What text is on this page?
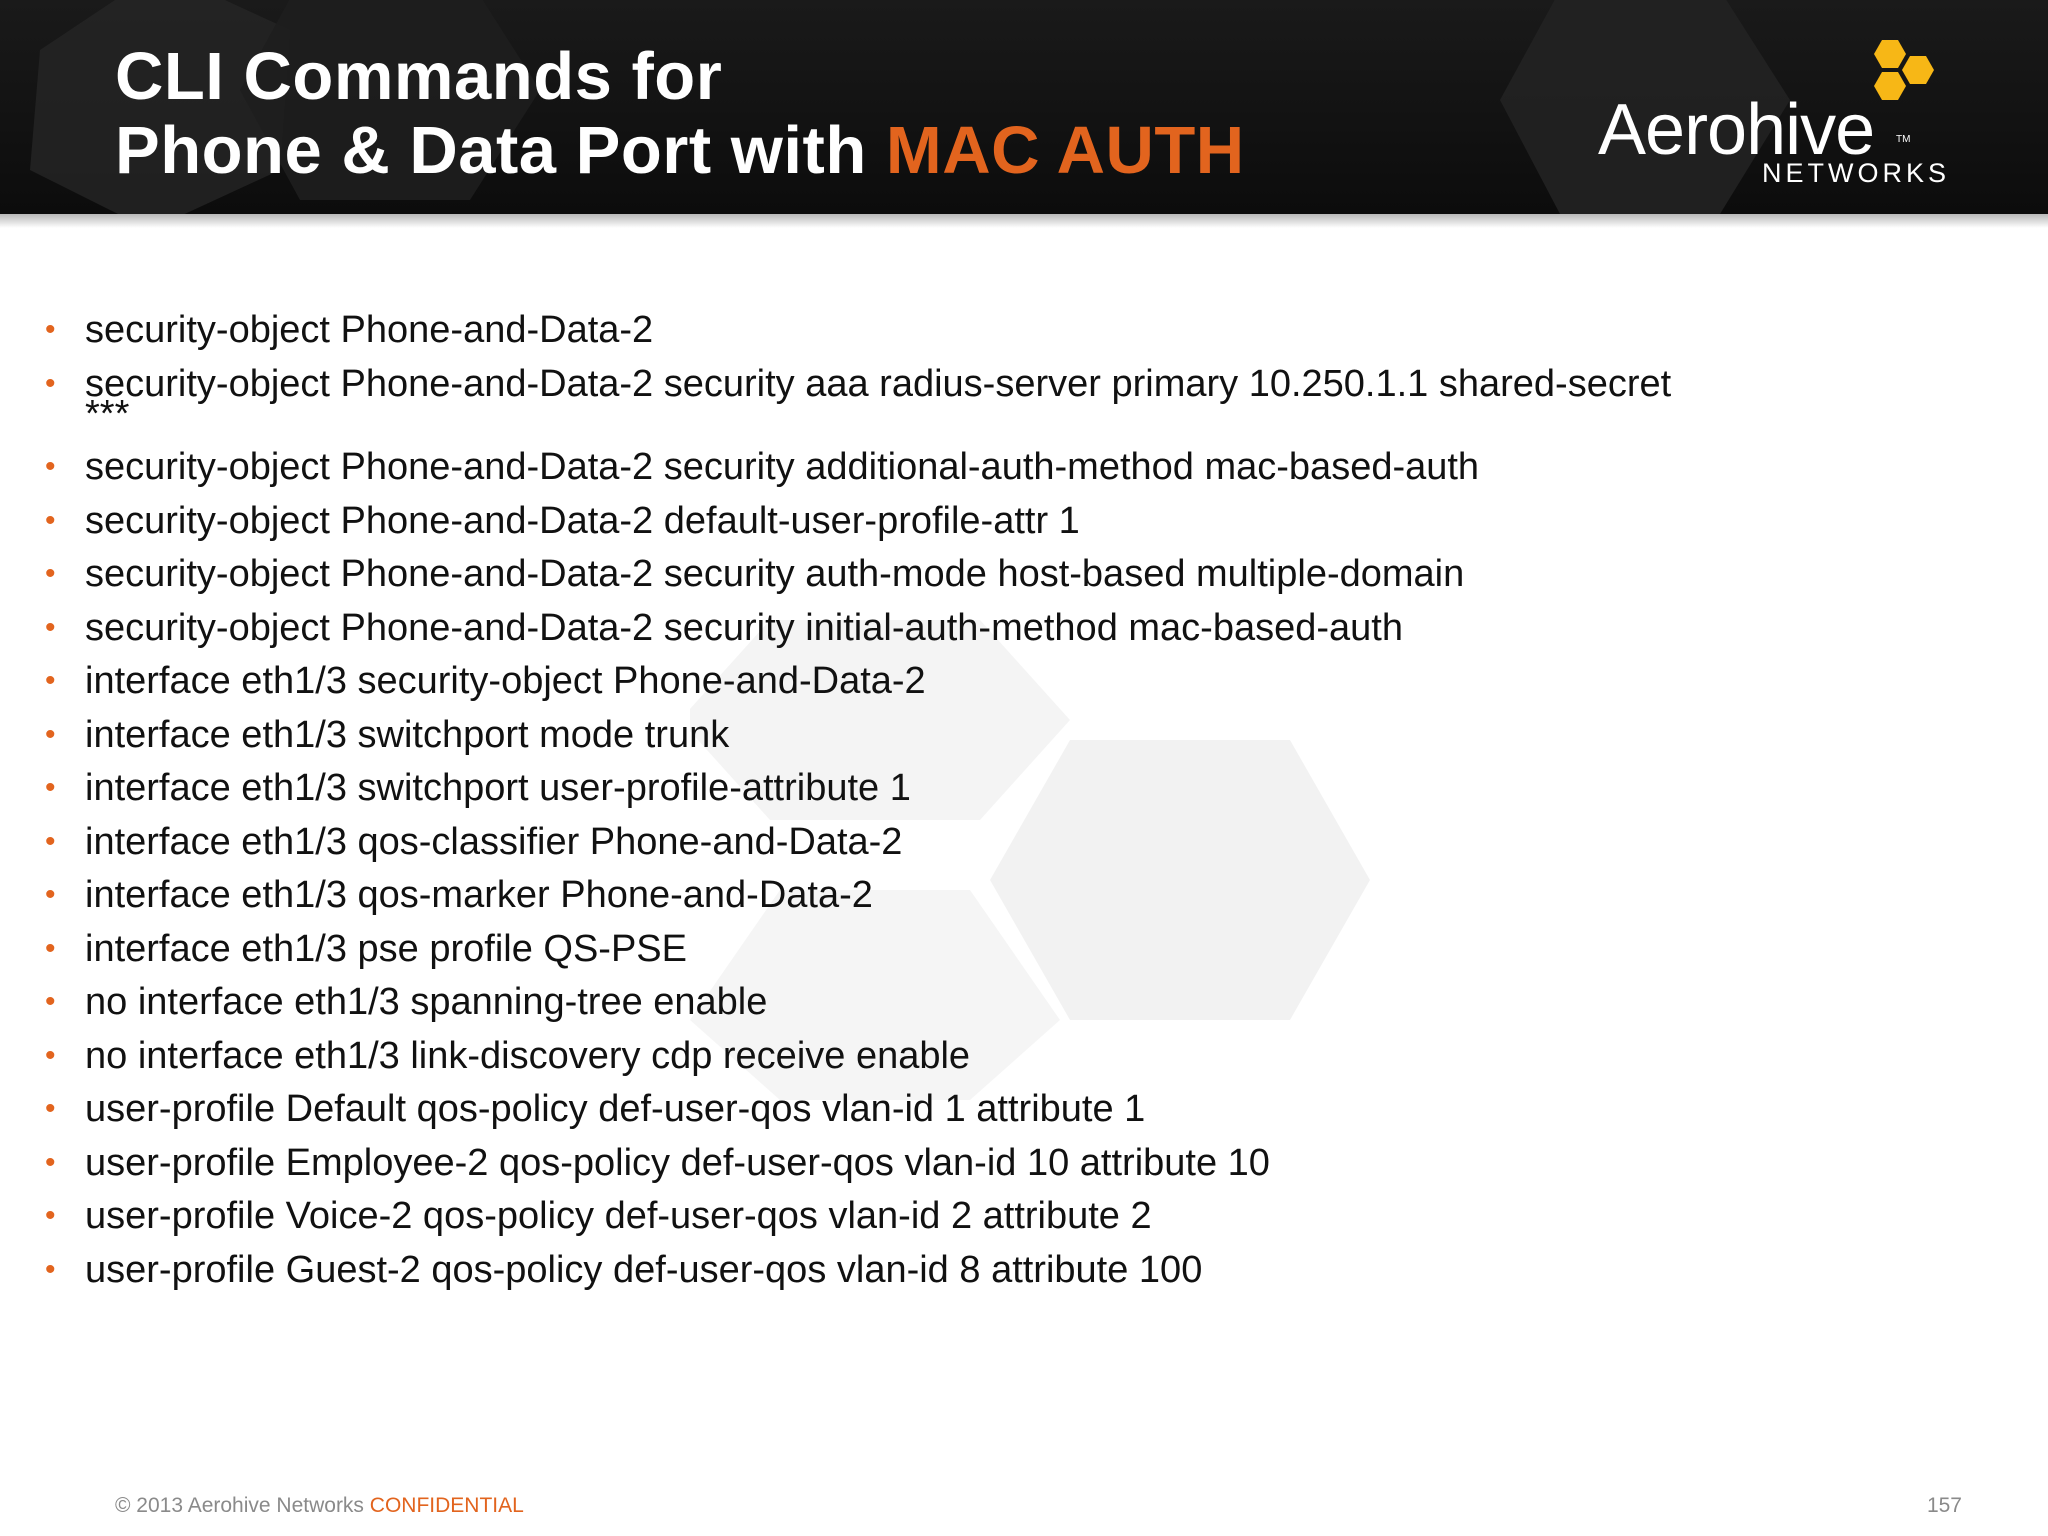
CLI Commands for
Phone & Data Port with MAC AUTH	Aerohive TM
NETWORKS
• security-object Phone-and-Data-2
• security-object Phone-and-Data-2 security aaa radius-server primary 10.250.1.1 shared-secret ***
• security-object Phone-and-Data-2 security additional-auth-method mac-based-auth
• security-object Phone-and-Data-2 default-user-profile-attr 1
• security-object Phone-and-Data-2 security auth-mode host-based multiple-domain
• security-object Phone-and-Data-2 security initial-auth-method mac-based-auth
• interface eth1/3 security-object Phone-and-Data-2
• interface eth1/3 switchport mode trunk
• interface eth1/3 switchport user-profile-attribute 1
• interface eth1/3 qos-classifier Phone-and-Data-2
• interface eth1/3 qos-marker Phone-and-Data-2
• interface eth1/3 pse profile QS-PSE
• no interface eth1/3 spanning-tree enable
• no interface eth1/3 link-discovery cdp receive enable
• user-profile Default qos-policy def-user-qos vlan-id 1 attribute 1
• user-profile Employee-2 qos-policy def-user-qos vlan-id 10 attribute 10
• user-profile Voice-2 qos-policy def-user-qos vlan-id 2 attribute 2
• user-profile Guest-2 qos-policy def-user-qos vlan-id 8 attribute 100
© 2013 Aerohive Networks CONFIDENTIAL	157
